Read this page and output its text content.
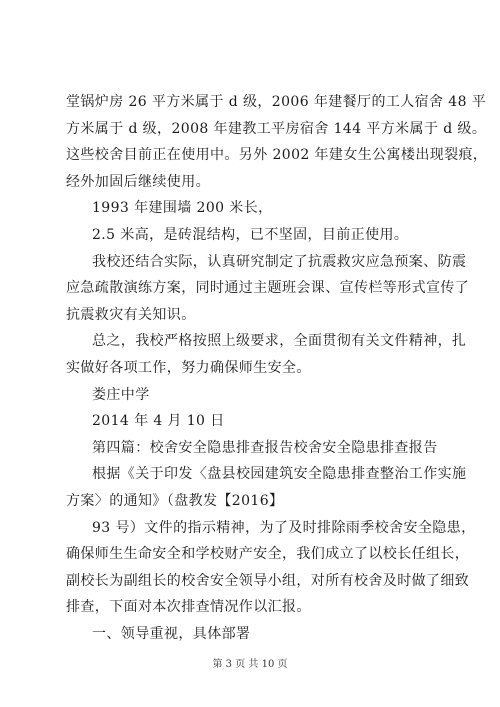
堂锅炉房 26 平方米属于 d 级，2006 年建餐厅的工人宿舍 48 平
方米属于 d 级，2008 年建教工平房宿舍 144 平方米属于 d 级。
这些校舍目前正在使用中。另外 2002 年建女生公寓楼出现裂痕，
经外加固后继续使用。
1993 年建围墙 200 米长，
2.5 米高，是砖混结构，已不坚固，目前正使用。
我校还结合实际，认真研究制定了抗震救灾应急预案、防震
应急疏散演练方案，同时通过主题班会课、宣传栏等形式宣传了
抗震救灾有关知识。
总之，我校严格按照上级要求，全面贯彻有关文件精神，扎
实做好各项工作，努力确保师生安全。
娄庄中学
2014 年 4 月 10 日
第四篇：校舍安全隐患排查报告校舍安全隐患排查报告
根据《关于印发〈盘县校园建筑安全隐患排查整治工作实施
方案〉的通知》（盘教发【2016】
93 号）文件的指示精神，为了及时排除雨季校舍安全隐患，
确保师生生命安全和学校财产安全，我们成立了以校长任组长，
副校长为副组长的校舍安全领导小组，对所有校舍及时做了细致
排查，下面对本次排查情况作以汇报。
一、领导重视，具体部署
第 3 页 共 10 页
